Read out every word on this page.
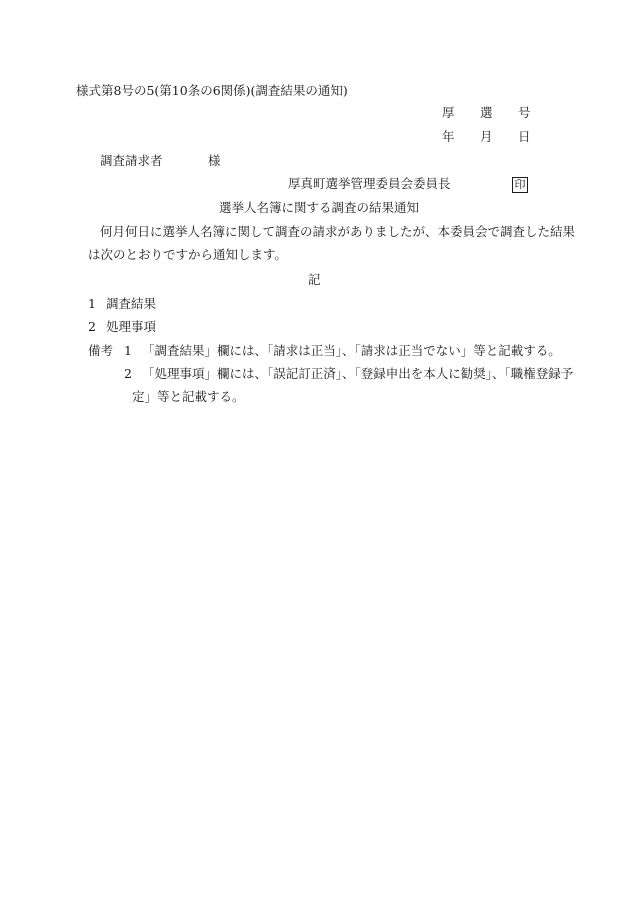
様式第8号の5(第10条の6関係)(調査結果の通知)
厚 選 号
年 月 日
調査請求者	様
厚真町選挙管理委員会委員長	印
選挙人名簿に関する調査の結果通知
何月何日に選挙人名簿に関して調査の請求がありましたが、本委員会で調査した結果
は次のとおりですから通知します。
記
1 調査結果
2 処理事項
備考 1 「調査結果」欄には、「請求は正当」、「請求は正当でない」等と記載する。
2 「処理事項」欄には、「誤記訂正済」、「登録申出を本人に勧奨」、「職権登録予
定」等と記載する。
